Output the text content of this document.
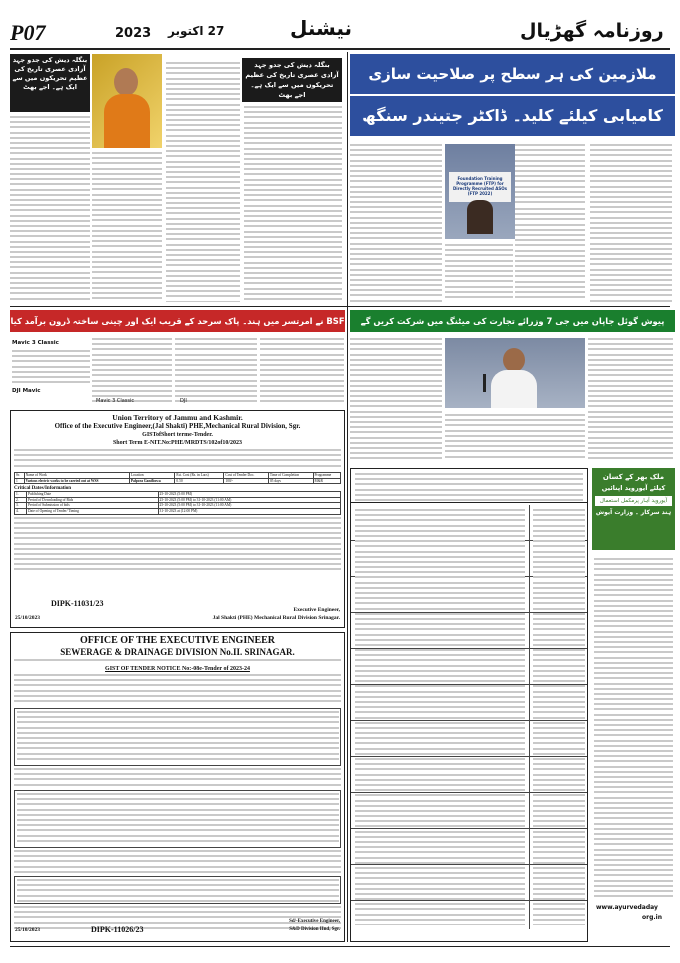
P07	2023 27 اکتوبر	نیشنل	روزنامہ گھڑیال
ملازمین کی ہر سطح پر صلاحیت سازی
کامیابی کیلئے کلید۔ ڈاکٹر جتیندر سنگھ
Foundation Training Programme (FTP) for Directly Recruited ASOs (FTP 2022)
بنگلہ دیش کی جدو جہد آزادی عصری تاریخ کی عظیم تحریکوں میں سے ایک ہے۔ اجے بھٹ
بنگلہ دیش کی جدو جہد آزادی عصری تاریخ کی عظیم تحریکوں میں سے ایک ہے۔ اجے بھٹ
BSF نے امرتسر میں ہند۔ پاک سرحد کے قریب ایک اور چینی ساختہ ڈرون برآمد کیا
Mavic 3 Classic
DJI Mavic
Mavic 3 Classic	DJI
پیوش گوئل جاپان میں جی 7 وزرائے تجارت کی میٹنگ میں شرکت کریں گے
Union Territory of Jammu and Kashmir.
Office of the Executive Engineer,(Jal Shakti) PHE,Mechanical Rural Division, Sgr.
GISTofShort terme-Tender.
Short Term E-NIT.No:PHE/MRDTS/102of10/2023
Sr.	Name of Work	Location	Est. Cost (Rs. in Lacs)	Cost of Tender Doc.	Time of Completion	Programme
1	Various electric works to be carried out at WSS	Palpora Gandbowa	0.50	100/-	05 days	M&R
Critical Dates/Information
1.	Publishing Date	25-10-2023 (5:00 PM)
2.	Period of Downloading of Bids	25-10-2023 (5:00 PM) to 31-10-2023 (11:00 AM)
3.	Period of Submission of bids	25-10-2023 (5:00 PM) to 31-10-2023 (11:00 AM)
4.	Date of Opening of Tender/ Timing	31-10-2023 at (12:00 PM)
DIPK-11031/23
25/10/2023
Executive Engineer,
Jal Shakti (PHE) Mechanical Rural Division Srinagar.
OFFICE OF THE EXECUTIVE ENGINEER
SEWERAGE & DRAINAGE DIVISION No.II. SRINAGAR.
GIST OF TENDER NOTICE No:-08e-Tender of 2023-24
DIPK-11026/23
25/10/2023
Sd/-Executive Engineer,
S&D Division IInd, Sgr.
ملک بھر کے کسان
کیلئے آیوروید اپنائیں
آیوروید آہار پرمکمل استعمال
ہند سرکار ۔ وزارت آیوش
www.ayurvedaday
org.in
